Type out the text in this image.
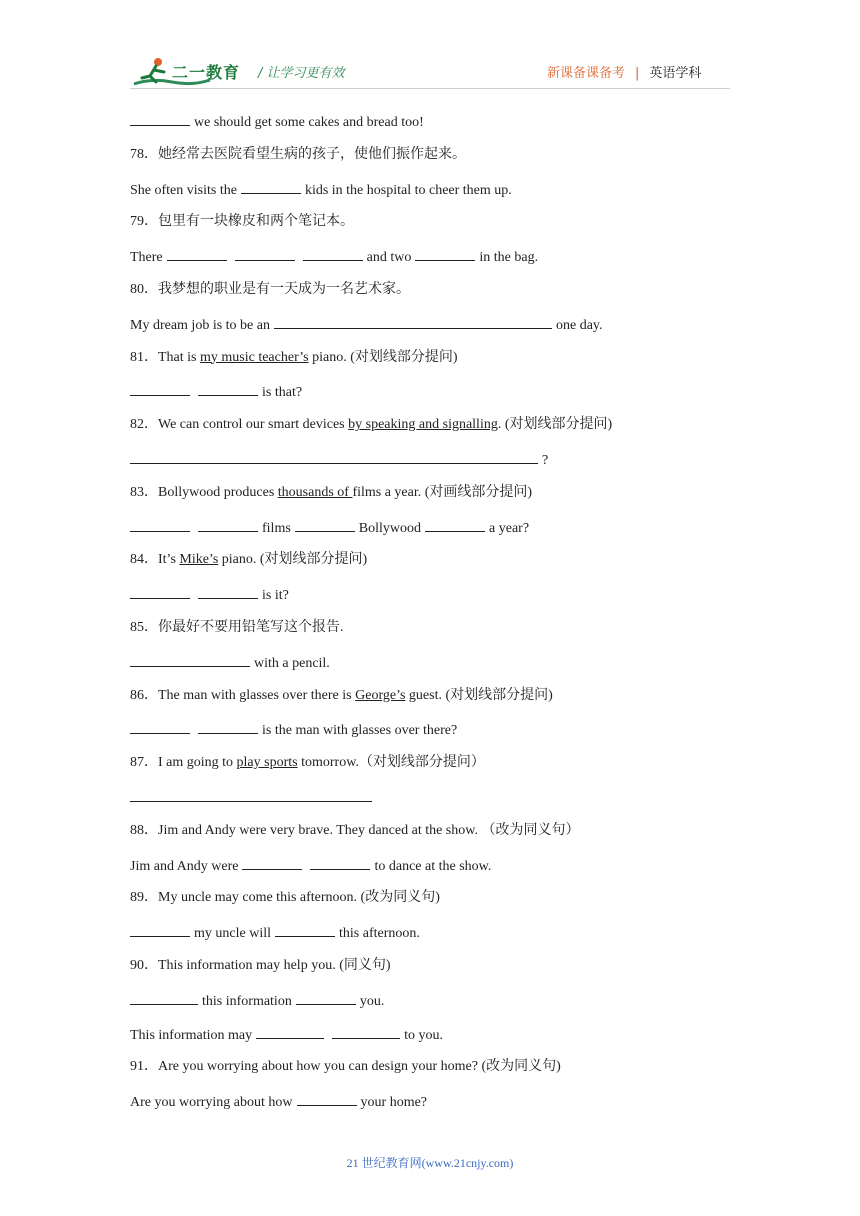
二一教育 / 让学习更有效	新课备课备考 | 英语学科
we should get some cakes and bread too!
78．她经常去医院看望生病的孩子，使他们振作起来。
She often visits the	kids in the hospital to cheer them up.
79．包里有一块橡皮和两个笔记本。
There	and two	in the bag.
80．我梦想的职业是有一天成为一名艺术家。
My dream job is to be an	one day.
81．That is my music teacher’s piano. (对划线部分提问)
is that?
82．We can control our smart devices by speaking and signalling. (对划线部分提问)
?
83．Bollywood produces thousands of films a year. (对画线部分提问)
films	Bollywood	a year?
84．It’s Mike’s piano. (对划线部分提问)
is it?
85．你最好不要用铅笔写这个报告.
with a pencil.
86．The man with glasses over there is George’s guest. (对划线部分提问)
is the man with glasses over there?
87．I am going to play sports tomorrow.（对划线部分提问）
88．Jim and Andy were very brave. They danced at the show. （改为同义句）
Jim and Andy were	to dance at the show.
89．My uncle may come this afternoon. (改为同义句)
my uncle will	this afternoon.
90．This information may help you. (同义句)
this information	you.
This information may	to you.
91．Are you worrying about how you can design your home? (改为同义句)
Are you worrying about how	your home?
21 世纪教育网(www.21cnjy.com)
